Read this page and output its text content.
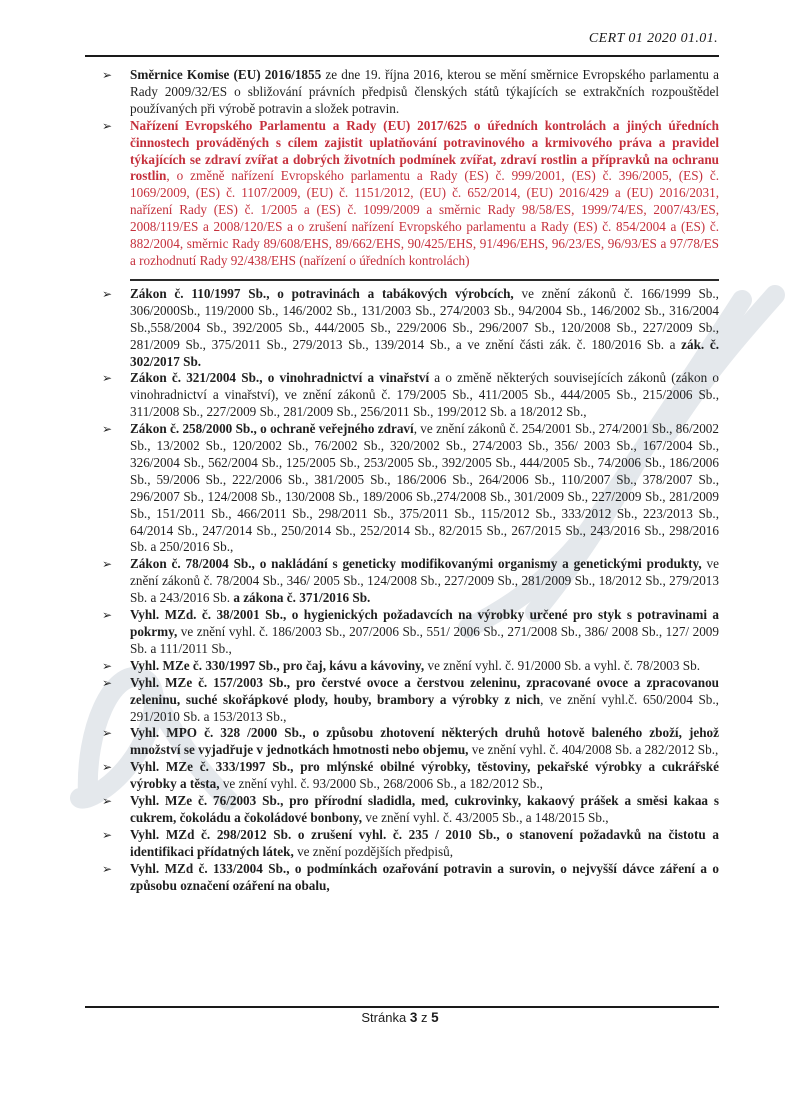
CERT 01 2020 01.01.
➢ Směrnice Komise (EU) 2016/1855 ze dne 19. října 2016, kterou se mění směrnice Evropského parlamentu a Rady 2009/32/ES o sbližování právních předpisů členských států týkajících se extrakčních rozpouštědel používaných při výrobě potravin a složek potravin.
➢ Nařízení Evropského Parlamentu a Rady (EU) 2017/625 o úředních kontrolách a jiných úředních činnostech prováděných s cílem zajistit uplatňování potravinového a krmivového práva a pravidel týkajících se zdraví zvířat a dobrých životních podmínek zvířat, zdraví rostlin a přípravků na ochranu rostlin, o změně nařízení Evropského parlamentu a Rady (ES) č. 999/2001, (ES) č. 396/2005, (ES) č. 1069/2009, (ES) č. 1107/2009, (EU) č. 1151/2012, (EU) č. 652/2014, (EU) 2016/429 a (EU) 2016/2031, nařízení Rady (ES) č. 1/2005 a (ES) č. 1099/2009 a směrnic Rady 98/58/ES, 1999/74/ES, 2007/43/ES, 2008/119/ES a 2008/120/ES a o zrušení nařízení Evropského parlamentu a Rady (ES) č. 854/2004 a (ES) č. 882/2004, směrnic Rady 89/608/EHS, 89/662/EHS, 90/425/EHS, 91/496/EHS, 96/23/ES, 96/93/ES a 97/78/ES a rozhodnutí Rady 92/438/EHS (nařízení o úředních kontrolách)
➢ Zákon č. 110/1997 Sb., o potravinách a tabákových výrobcích, ve znění zákonů č. 166/1999 Sb., 306/2000Sb., 119/2000 Sb., 146/2002 Sb., 131/2003 Sb., 274/2003 Sb., 94/2004 Sb., 146/2002 Sb., 316/2004 Sb.,558/2004 Sb., 392/2005 Sb., 444/2005 Sb., 229/2006 Sb., 296/2007 Sb., 120/2008 Sb., 227/2009 Sb., 281/2009 Sb., 375/2011 Sb., 279/2013 Sb., 139/2014 Sb., a ve znění části zák. č. 180/2016 Sb. a zák. č. 302/2017 Sb.
➢ Zákon č. 321/2004 Sb., o vinohradnictví a vinařství a o změně některých souvisejících zákonů (zákon o vinohradnictví a vinařství), ve znění zákonů č. 179/2005 Sb., 411/2005 Sb., 444/2005 Sb., 215/2006 Sb., 311/2008 Sb., 227/2009 Sb., 281/2009 Sb., 256/2011 Sb., 199/2012 Sb. a 18/2012 Sb.,
➢ Zákon č. 258/2000 Sb., o ochraně veřejného zdraví, ve znění zákonů č. 254/2001 Sb., 274/2001 Sb., 86/2002 Sb., 13/2002 Sb., 120/2002 Sb., 76/2002 Sb., 320/2002 Sb., 274/2003 Sb., 356/ 2003 Sb., 167/2004 Sb., 326/2004 Sb., 562/2004 Sb., 125/2005 Sb., 253/2005 Sb., 392/2005 Sb., 444/2005 Sb., 74/2006 Sb., 186/2006 Sb., 59/2006 Sb., 222/2006 Sb., 381/2005 Sb., 186/2006 Sb., 264/2006 Sb., 110/2007 Sb., 378/2007 Sb., 296/2007 Sb., 124/2008 Sb., 130/2008 Sb., 189/2006 Sb.,274/2008 Sb., 301/2009 Sb., 227/2009 Sb., 281/2009 Sb., 151/2011 Sb., 466/2011 Sb., 298/2011 Sb., 375/2011 Sb., 115/2012 Sb., 333/2012 Sb., 223/2013 Sb., 64/2014 Sb., 247/2014 Sb., 250/2014 Sb., 252/2014 Sb., 82/2015 Sb., 267/2015 Sb., 243/2016 Sb., 298/2016 Sb. a 250/2016 Sb.,
➢ Zákon č. 78/2004 Sb., o nakládání s geneticky modifikovanými organismy a genetickými produkty, ve znění zákonů č. 78/2004 Sb., 346/ 2005 Sb., 124/2008 Sb., 227/2009 Sb., 281/2009 Sb., 18/2012 Sb., 279/2013 Sb. a 243/2016 Sb. a zákona č. 371/2016 Sb.
➢ Vyhl. MZd. č. 38/2001 Sb., o hygienických požadavcích na výrobky určené pro styk s potravinami a pokrmy, ve znění vyhl. č. 186/2003 Sb., 207/2006 Sb., 551/ 2006 Sb., 271/2008 Sb., 386/ 2008 Sb., 127/ 2009 Sb. a 111/2011 Sb.,
➢ Vyhl. MZe č. 330/1997 Sb., pro čaj, kávu a kávoviny, ve znění vyhl. č. 91/2000 Sb. a vyhl. č. 78/2003 Sb.
➢ Vyhl. MZe č. 157/2003 Sb., pro čerstvé ovoce a čerstvou zeleninu, zpracované ovoce a zpracovanou zeleninu, suché skořápkové plody, houby, brambory a výrobky z nich, ve znění vyhl.č. 650/2004 Sb., 291/2010 Sb. a 153/2013 Sb.,
➢ Vyhl. MPO č. 328 /2000 Sb., o způsobu zhotovení některých druhů hotově baleného zboží, jehož množství se vyjadřuje v jednotkách hmotnosti nebo objemu, ve znění vyhl. č. 404/2008 Sb. a 282/2012 Sb.,
➢ Vyhl. MZe č. 333/1997 Sb., pro mlýnské obilné výrobky, těstoviny, pekařské výrobky a cukrářské výrobky a těsta, ve znění vyhl. č. 93/2000 Sb., 268/2006 Sb., a 182/2012 Sb.,
➢ Vyhl. MZe č. 76/2003 Sb., pro přírodní sladidla, med, cukrovinky, kakaový prášek a směsi kakaa s cukrem, čokoládu a čokoládové bonbony, ve znění vyhl. č. 43/2005 Sb., a 148/2015 Sb.,
➢ Vyhl. MZd č. 298/2012 Sb. o zrušení vyhl. č. 235 / 2010 Sb., o stanovení požadavků na čistotu a identifikaci přídatných látek, ve znění pozdějších předpisů,
➢ Vyhl. MZd č. 133/2004 Sb., o podmínkách ozařování potravin a surovin, o nejvyšší dávce záření a o způsobu označení ozáření na obalu,
Stránka 3 z 5
